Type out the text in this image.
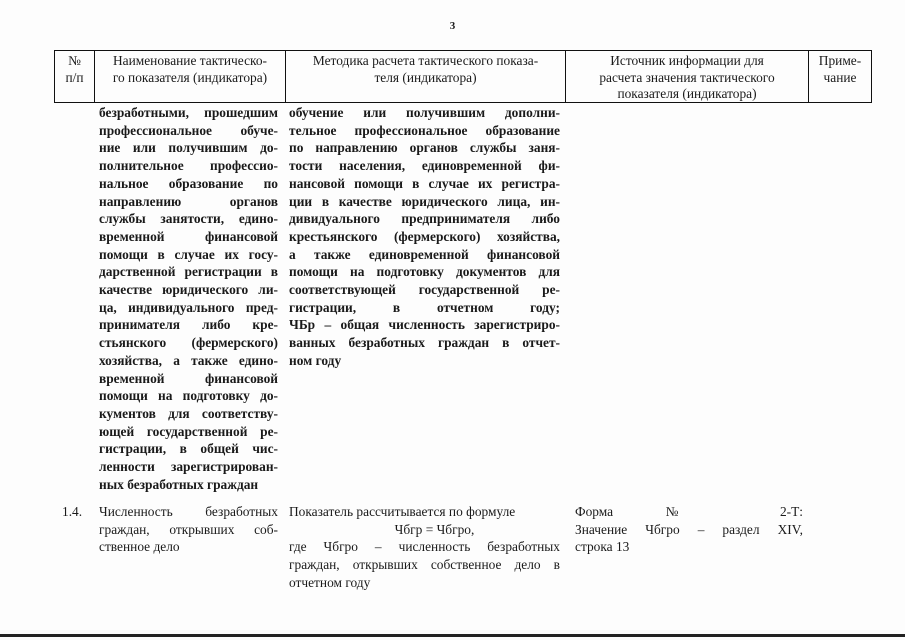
3
№
п/п
Наименование тактическо-
го показателя (индикатора)
Методика расчета тактического показа-
теля (индикатора)
Источник информации для
расчета значения тактического
показателя (индикатора)
Приме-
чание
безработными, прошедшим
профессиональное обуче-
ние или получившим до-
полнительное профессио-
нальное образование по
направлению органов
службы занятости, едино-
временной финансовой
помощи в случае их госу-
дарственной регистрации в
качестве юридического ли-
ца, индивидуального пред-
принимателя либо кре-
стьянского (фермерского)
хозяйства, а также едино-
временной финансовой
помощи на подготовку до-
кументов для соответству-
ющей государственной ре-
гистрации, в общей чис-
ленности зарегистрирован-
ных безработных граждан
обучение или получившим дополни-
тельное профессиональное образование
по направлению органов службы заня-
тости населения, единовременной фи-
нансовой помощи в случае их регистра-
ции в качестве юридического лица, ин-
дивидуального предпринимателя либо
крестьянского (фермерского) хозяйства,
а также единовременной финансовой
помощи на подготовку документов для
соответствующей государственной ре-
гистрации, в отчетном году;
ЧБр – общая численность зарегистриро-
ванных безработных граждан в отчет-
ном году
1.4. Численность безработных
граждан, открывших соб-
ственное дело
Показатель рассчитывается по формуле
Чбгр = Чбгро,
где Чбгро – численность безработных
граждан, открывших собственное дело в
отчетном году
Форма № 2-Т:
Значение Чбгро – раздел XIV,
строка 13
